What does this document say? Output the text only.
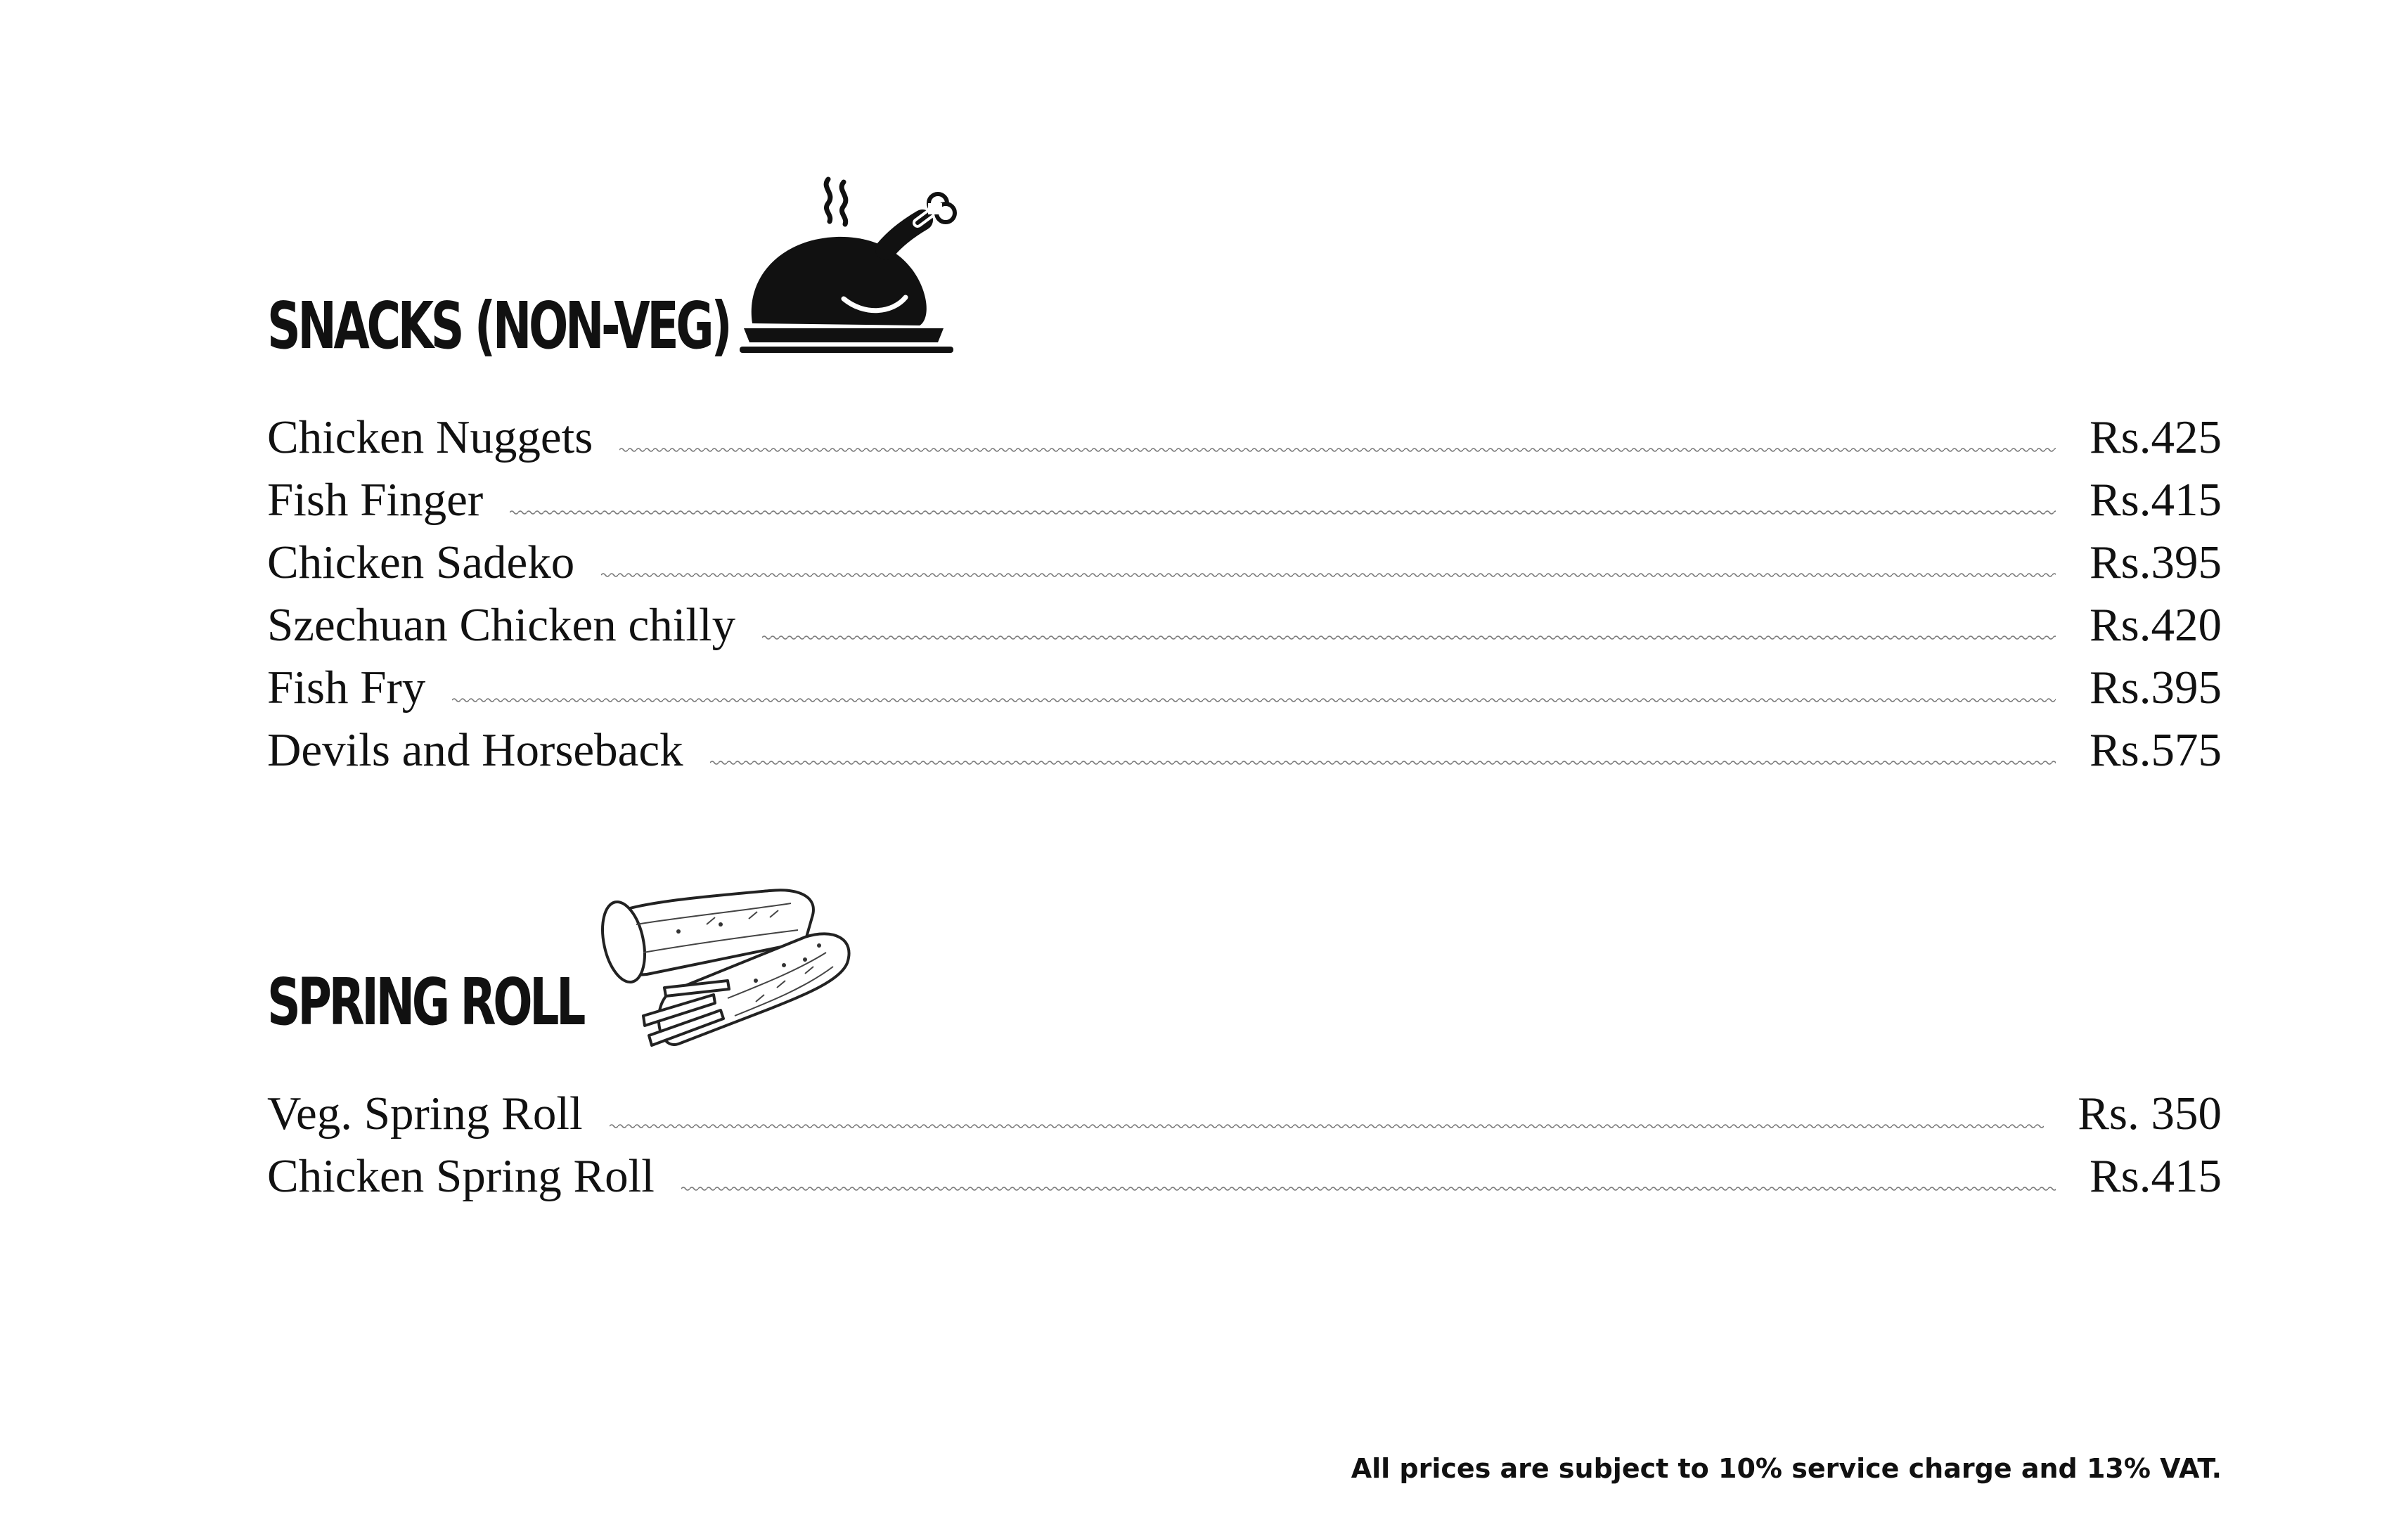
SNACKS (NON-VEG)
Chicken Nuggets	Rs.425
Fish Finger	Rs.415
Chicken Sadeko	Rs.395
Szechuan Chicken chilly	Rs.420
Fish Fry	Rs.395
Devils and Horseback	Rs.575
SPRING ROLL
Veg. Spring Roll	Rs. 350
Chicken Spring Roll	Rs.415
All prices are subject to 10% service charge and 13% VAT.
